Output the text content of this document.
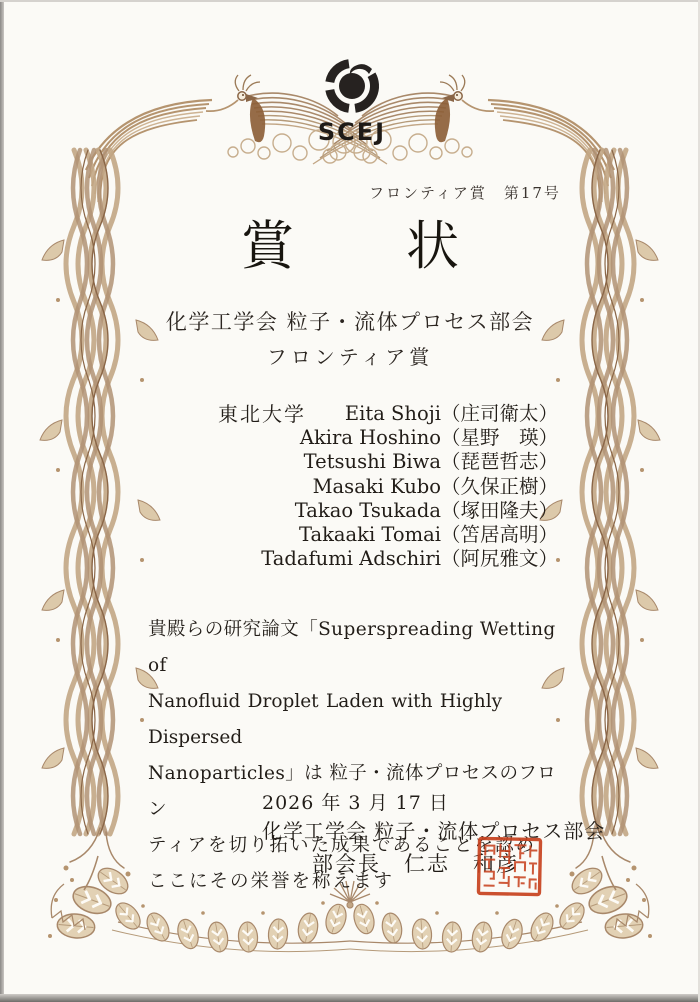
SCEJ
フロンティア賞　第17号
賞 状
化学工学会 粒子・流体プロセス部会
フロンティア賞
東北大学	Eita Shoji（庄司衛太）
Akira Hoshino（星野　瑛）
Tetsushi Biwa（琵琶哲志）
Masaki Kubo（久保正樹）
Takao Tsukada（塚田隆夫）
Takaaki Tomai（笘居高明）
Tadafumi Adschiri（阿尻雅文）
貴殿らの研究論文「Superspreading Wetting of
Nanofluid Droplet Laden with Highly Dispersed
Nanoparticles」は 粒子・流体プロセスのフロン
ティアを切り拓いた成果であることを認め
ここにその栄誉を称えます
2026 年 3 月 17 日
化学工学会 粒子・流体プロセス部会
部会長　仁志　和彦
